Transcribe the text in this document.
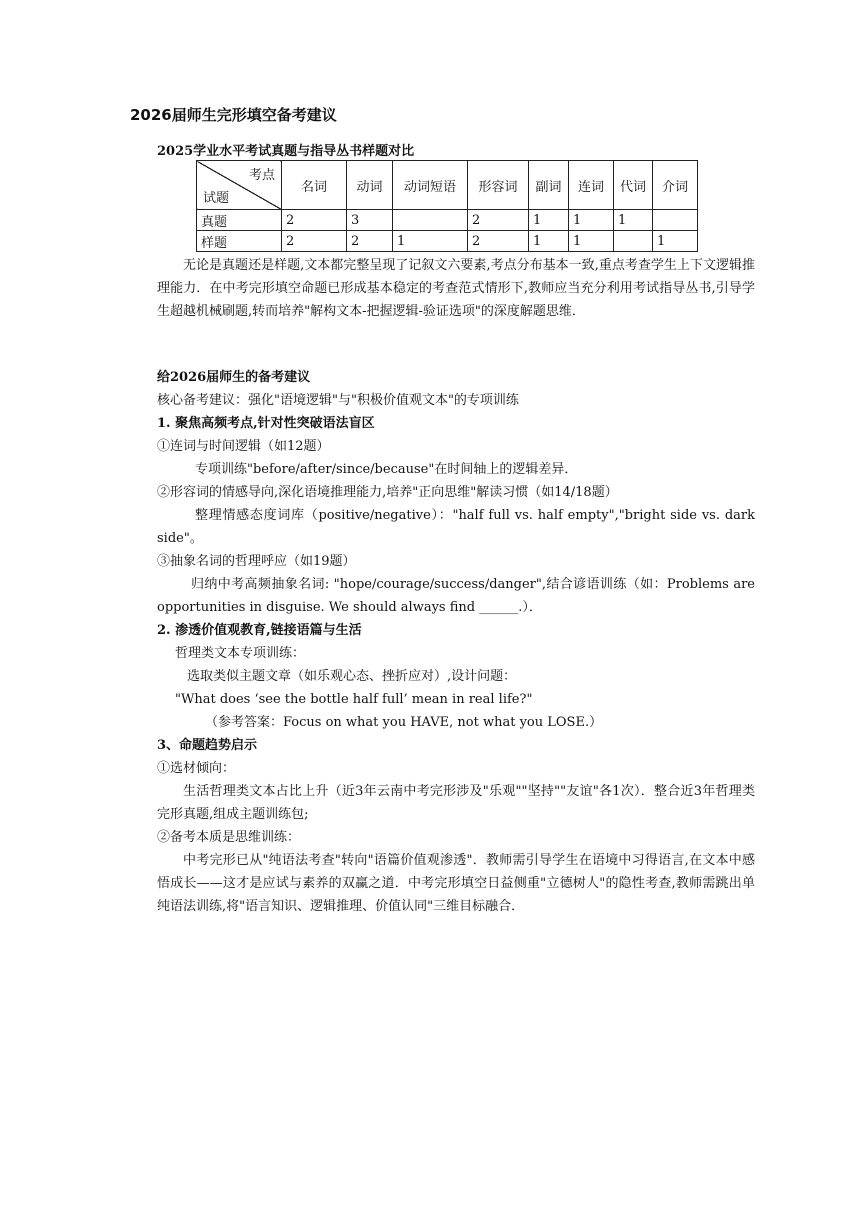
2026届师生完形填空备考建议
2025学业水平考试真题与指导丛书样题对比
考点
试题	名词	动词	动词短语	形容词	副词	连词	代词	介词
真题	2	3		2	1	1	1	
样题	2	2	1	2	1	1		1

无论是真题还是样题,文本都完整呈现了记叙文六要素,考点分布基本一致,重点考查学生上下文逻辑推理能力．在中考完形填空命题已形成基本稳定的考查范式情形下,教师应当充分利用考试指导丛书,引导学生超越机械刷题,转而培养"解构文本-把握逻辑-验证选项"的深度解题思维．

给2026届师生的备考建议

核心备考建议：强化"语境逻辑"与"积极价值观文本"的专项训练

1. 聚焦高频考点,针对性突破语法盲区

①连词与时间逻辑（如12题）

专项训练"before/after/since/because"在时间轴上的逻辑差异．

②形容词的情感导向,深化语境推理能力,培养"正向思维"解读习惯（如14/18题）

整理情感态度词库（positive/negative）："half full vs. half empty","bright side vs. dark side"。

③抽象名词的哲理呼应（如19题）

归纳中考高频抽象名词: "hope/courage/success/danger",结合谚语训练（如：Problems are opportunities in disguise. We should always find ______.）．

2. 渗透价值观教育,链接语篇与生活

哲理类文本专项训练：

选取类似主题文章（如乐观心态、挫折应对）,设计问题：

"What does ‘see the bottle half full’ mean in real life?"

（参考答案：Focus on what you HAVE, not what you LOSE.）

3、命题趋势启示

①选材倾向：

生活哲理类文本占比上升（近3年云南中考完形涉及"乐观""坚持""友谊"各1次）．整合近3年哲理类完形真题,组成主题训练包;

②备考本质是思维训练：

中考完形已从"纯语法考查"转向"语篇价值观渗透"．教师需引导学生在语境中习得语言,在文本中感悟成长——这才是应试与素养的双赢之道．中考完形填空日益侧重"立德树人"的隐性考查,教师需跳出单纯语法训练,将"语言知识、逻辑推理、价值认同"三维目标融合．
